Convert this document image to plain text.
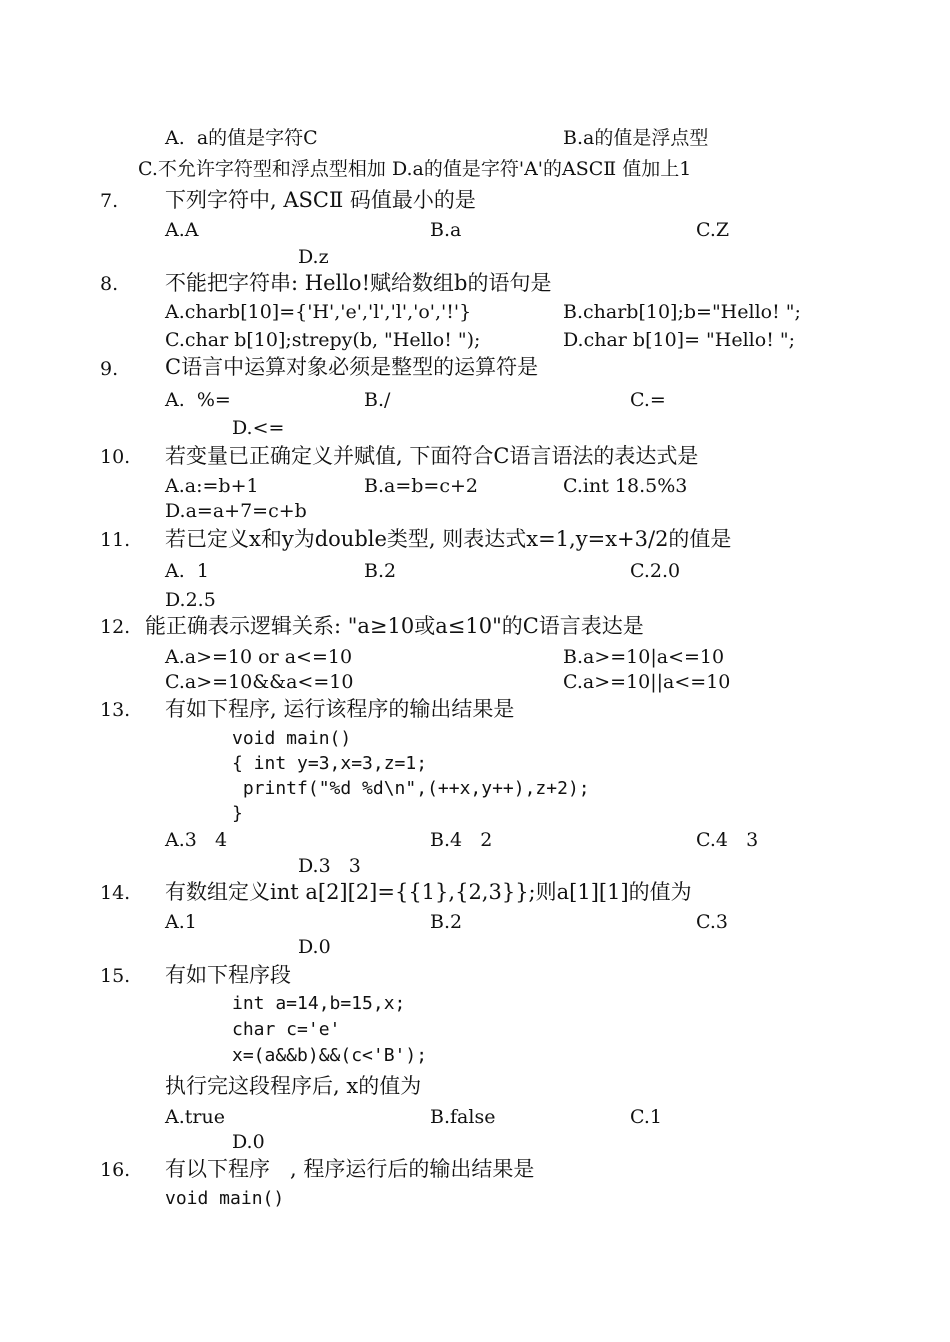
A.  a的值是字符C	B.a的值是浮点型
C.不允许字符型和浮点型相加 D.a的值是字符'A'的ASCⅡ 值加上1
7. 下列字符中, ASCⅡ 码值最小的是
A.A	B.a	C.Z
D.z
8. 不能把字符串: Hello!赋给数组b的语句是
A.charb[10]={'H','e','l','l','o','!'}	B.charb[10];b="Hello! ";
C.char b[10];strepy(b, "Hello! ");	D.char b[10]= "Hello! ";
9. C语言中运算对象必须是整型的运算符是
A.  %=	B./	C.=
D.<=
10. 若变量已正确定义并赋值, 下面符合C语言语法的表达式是
A.a:=b+1	B.a=b=c+2	C.int 18.5%3
D.a=a+7=c+b
11. 若已定义x和y为double类型, 则表达式x=1,y=x+3/2的值是
A.  1	B.2	C.2.0
D.2.5
12. 能正确表示逻辑关系: "a≥10或a≤10"的C语言表达是
A.a>=10 or a<=10	B.a>=10|a<=10
C.a>=10&&a<=10	C.a>=10||a<=10
13. 有如下程序, 运行该程序的输出结果是
void main()
{ int y=3,x=3,z=1;
printf("%d %d\n",(++x,y++),z+2);
}
A.3   4	B.4   2	C.4   3
D.3   3
14. 有数组定义int a[2][2]={{1},{2,3}};则a[1][1]的值为
A.1	B.2	C.3
D.0
15. 有如下程序段
int a=14,b=15,x;
char c='e'
x=(a&&b)&&(c<'B');
执行完这段程序后, x的值为
A.true	B.false	C.1
D.0
16. 有以下程序   , 程序运行后的输出结果是
void main()
